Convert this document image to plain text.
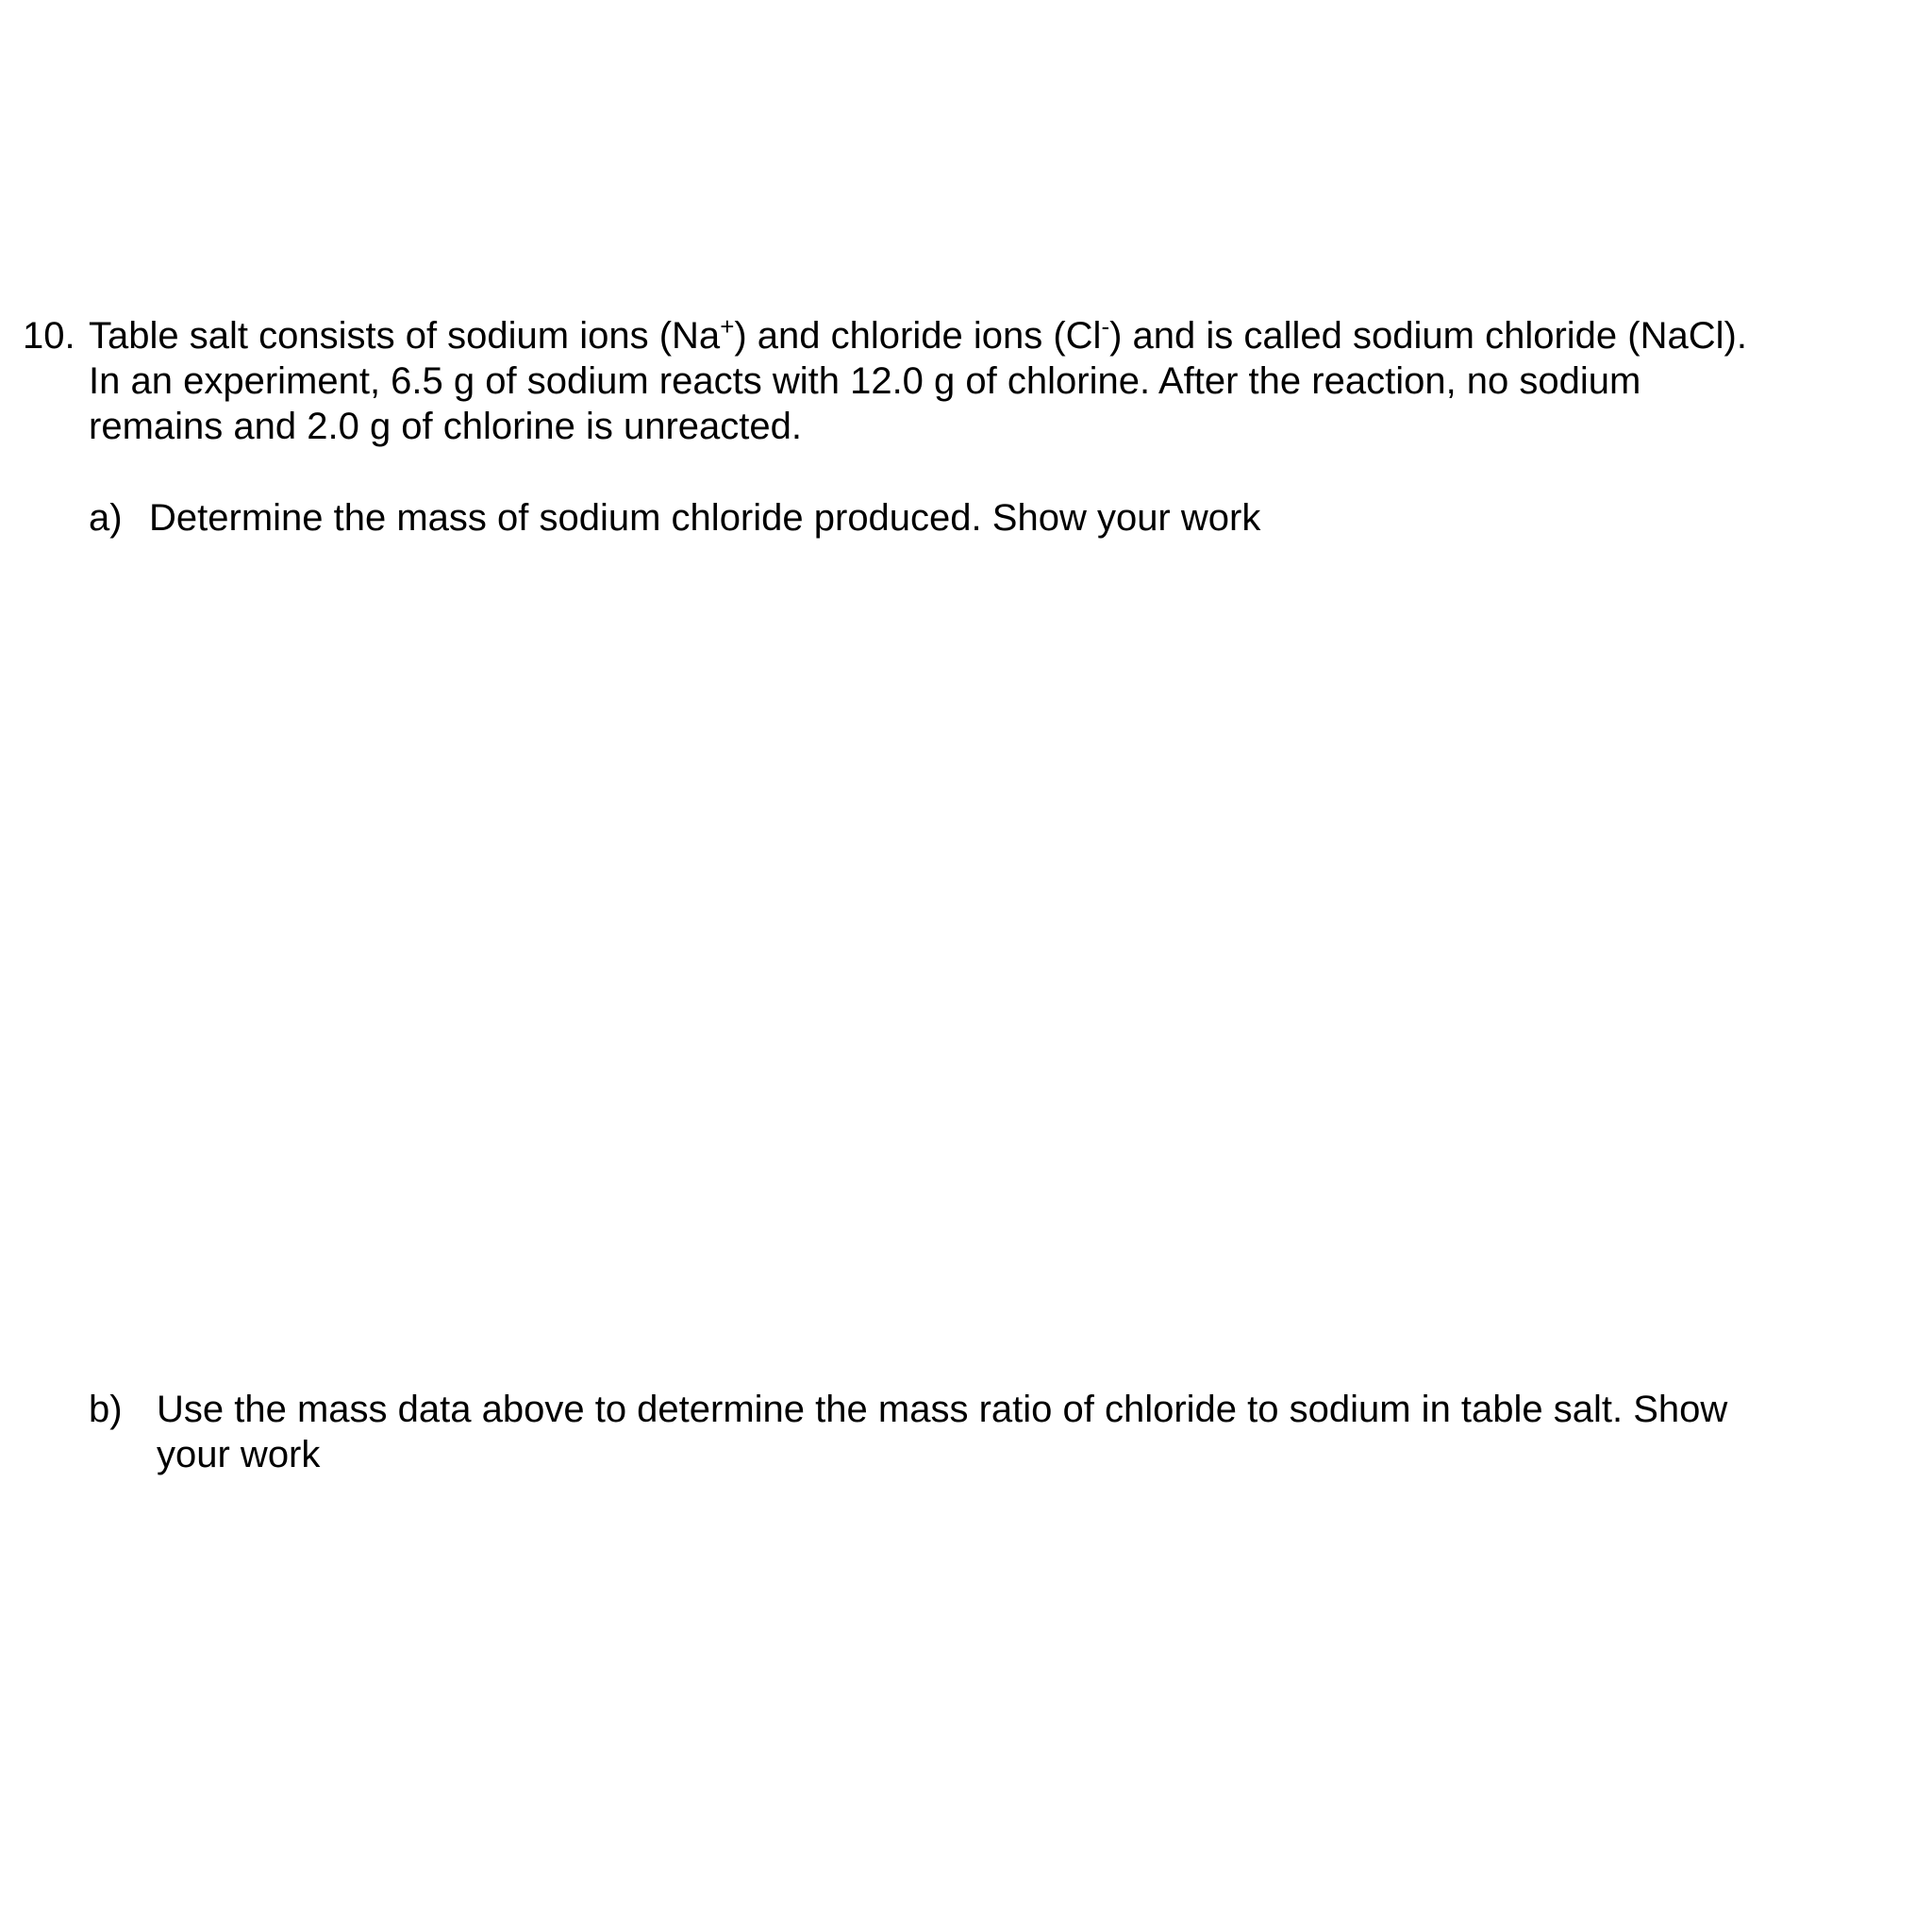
10. Table salt consists of sodium ions (Na+) and chloride ions (Cl-) and is called sodium chloride (NaCl).
In an experiment, 6.5 g of sodium reacts with 12.0 g of chlorine. After the reaction, no sodium
remains and 2.0 g of chlorine is unreacted.
a) Determine the mass of sodium chloride produced. Show your work
b) Use the mass data above to determine the mass ratio of chloride to sodium in table salt. Show
your work
